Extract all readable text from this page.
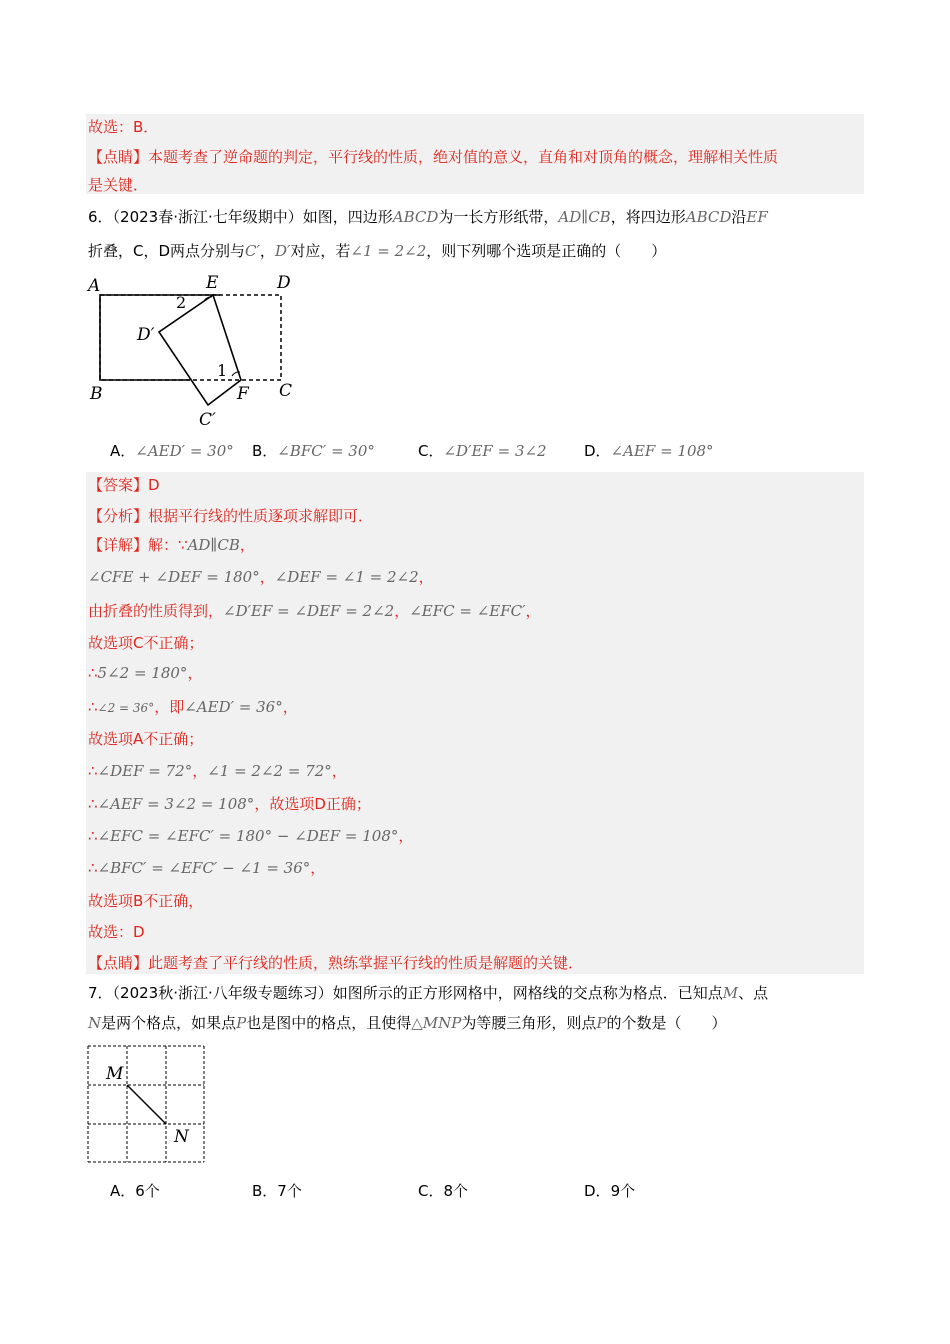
故选：B．
【点睛】本题考查了逆命题的判定，平行线的性质，绝对值的意义，直角和对顶角的概念，理解相关性质
是关键．
6．（2023春·浙江·七年级期中）如图，四边形ABCD为一长方形纸带，AD∥CB，将四边形ABCD沿EF
折叠，C，D两点分别与C′，D′对应，若∠1 = 2∠2，则下列哪个选项是正确的（　　）
A	E	D
2
D′
1
B	F C
C′
A．∠AED′ = 30° B．∠BFC′ = 30°	C．∠D′EF = 3∠2 D．∠AEF = 108°
【答案】D
【分析】根据平行线的性质逐项求解即可．
【详解】解：∵AD∥CB，
∠CFE + ∠DEF = 180°，∠DEF = ∠1 = 2∠2，
由折叠的性质得到，∠D′EF = ∠DEF = 2∠2，∠EFC = ∠EFC′，
故选项C不正确；
∴5∠2 = 180°，
∴∠2 = 36°，即∠AED′ = 36°，
故选项A不正确；
∴∠DEF = 72°，∠1 = 2∠2 = 72°，
∴∠AEF = 3∠2 = 108°，故选项D正确；
∴∠EFC = ∠EFC′ = 180° − ∠DEF = 108°，
∴∠BFC′ = ∠EFC′ − ∠1 = 36°，
故选项B不正确，
故选：D
【点睛】此题考查了平行线的性质，熟练掌握平行线的性质是解题的关键．
7．（2023秋·浙江·八年级专题练习）如图所示的正方形网格中，网格线的交点称为格点．已知点M、点
N是两个格点，如果点P也是图中的格点，且使得△MNP为等腰三角形，则点P的个数是（　　）
M
N
A．6个	B．7个	C．8个	D．9个
